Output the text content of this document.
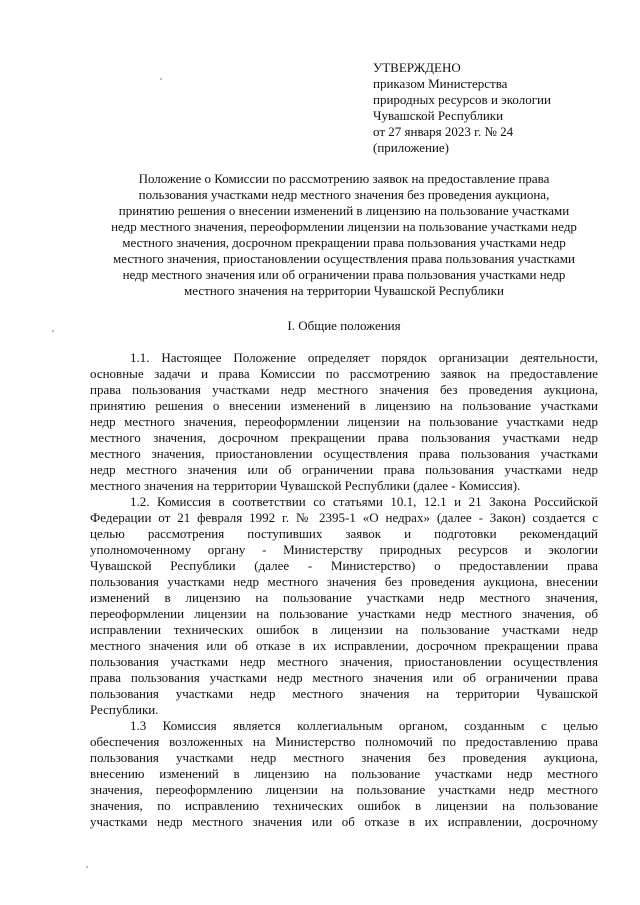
УТВЕРЖДЕНО
приказом Министерства
природных ресурсов и экологии
Чувашской Республики
от 27 января 2023 г. № 24
(приложение)
Положение о Комиссии по рассмотрению заявок на предоставление права
пользования участками недр местного значения без проведения аукциона,
принятию решения о внесении изменений в лицензию на пользование участками
недр местного значения, переоформлении лицензии на пользование участками недр
местного значения, досрочном прекращении права пользования участками недр
местного значения, приостановлении осуществления права пользования участками
недр местного значения или об ограничении права пользования участками недр
местного значения на территории Чувашской Республики
I. Общие положения

1.1. Настоящее Положение определяет порядок организации деятельности,
основные задачи и права Комиссии по рассмотрению заявок на предоставление
права пользования участками недр местного значения без проведения аукциона,
принятию решения о внесении изменений в лицензию на пользование участками
недр местного значения, переоформлении лицензии на пользование участками недр
местного значения, досрочном прекращении права пользования участками недр
местного значения, приостановлении осуществления права пользования участками
недр местного значения или об ограничении права пользования участками недр
местного значения на территории Чувашской Республики (далее - Комиссия).

1.2. Комиссия в соответствии со статьями 10.1, 12.1 и 21 Закона Российской
Федерации от 21 февраля 1992 г. № 2395-1 «О недрах» (далее - Закон) создается с
целью рассмотрения поступивших заявок и подготовки рекомендаций
уполномоченному органу - Министерству природных ресурсов и экологии
Чувашской Республики (далее - Министерство) о предоставлении права
пользования участками недр местного значения без проведения аукциона, внесении
изменений в лицензию на пользование участками недр местного значения,
переоформлении лицензии на пользование участками недр местного значения, об
исправлении технических ошибок в лицензии на пользование участками недр
местного значения или об отказе в их исправлении, досрочном прекращении права
пользования участками недр местного значения, приостановлении осуществления
права пользования участками недр местного значения или об ограничении права
пользования участками недр местного значения на территории Чувашской
Республики.

1.3 Комиссия является коллегиальным органом, созданным с целью
обеспечения возложенных на Министерство полномочий по предоставлению права
пользования участками недр местного значения без проведения аукциона,
внесению изменений в лицензию на пользование участками недр местного
значения, переоформлению лицензии на пользование участками недр местного
значения, по исправлению технических ошибок в лицензии на пользование
участками недр местного значения или об отказе в их исправлении, досрочному
